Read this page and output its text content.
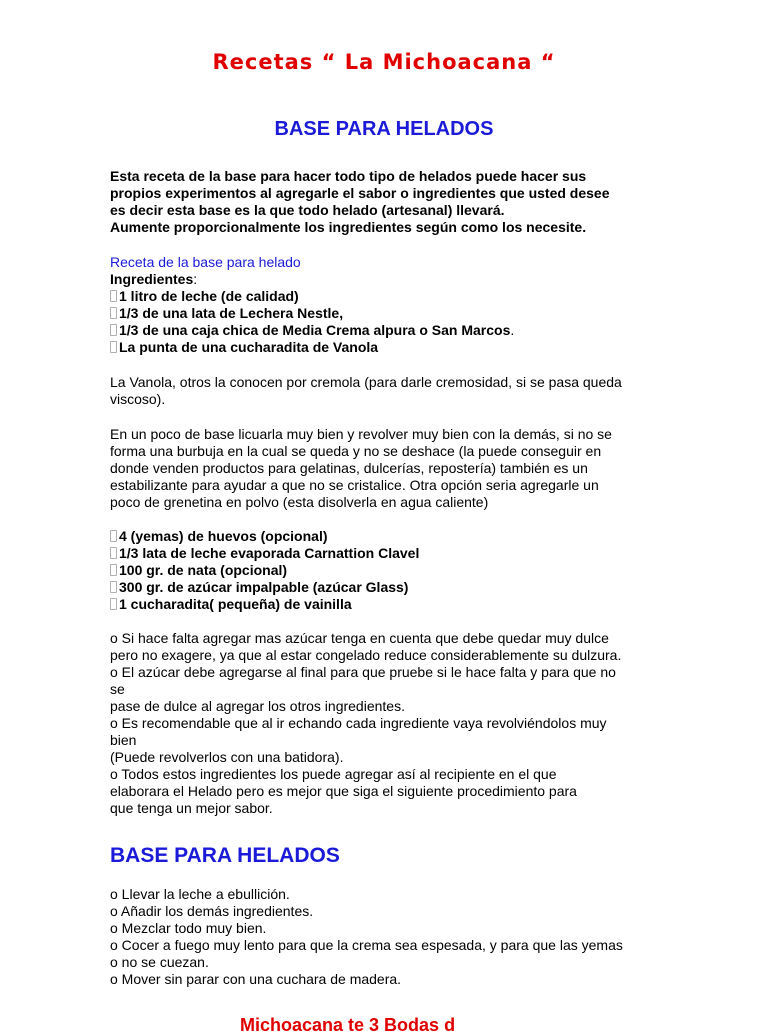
Recetas “ La Michoacana “
BASE PARA HELADOS
Esta receta de la base para hacer todo tipo de helados puede hacer sus
propios experimentos al agregarle el sabor o ingredientes que usted desee
es decir esta base es la que todo helado (artesanal) llevará.
Aumente proporcionalmente los ingredientes según como los necesite.
Receta de la base para helado
Ingredientes:
1 litro de leche (de calidad)
1/3 de una lata de Lechera Nestle,
1/3 de una caja chica de Media Crema alpura o San Marcos.
La punta de una cucharadita de Vanola
La Vanola, otros la conocen por cremola (para darle cremosidad, si se pasa queda
viscoso).
En un poco de base licuarla muy bien y revolver muy bien con la demás, si no se
forma una burbuja en la cual se queda y no se deshace (la puede conseguir en
donde venden productos para gelatinas, dulcerías, repostería) también es un
estabilizante para ayudar a que no se cristalice. Otra opción seria agregarle un
poco de grenetina en polvo (esta disolverla en agua caliente)
4 (yemas) de huevos (opcional)
1/3 lata de leche evaporada Carnattion Clavel
100 gr. de nata (opcional)
300 gr. de azúcar impalpable (azúcar Glass)
1 cucharadita( pequeña) de vainilla
o Si hace falta agregar mas azúcar tenga en cuenta que debe quedar muy dulce
pero no exagere, ya que al estar congelado reduce considerablemente su dulzura.
o El azúcar debe agregarse al final para que pruebe si le hace falta y para que no
se
pase de dulce al agregar los otros ingredientes.
o Es recomendable que al ir echando cada ingrediente vaya revolviéndolos muy
bien
(Puede revolverlos con una batidora).
o Todos estos ingredientes los puede agregar así al recipiente en el que
elaborara el Helado pero es mejor que siga el siguiente procedimiento para
que tenga un mejor sabor.
BASE PARA HELADOS
o Llevar la leche a ebullición.
o Añadir los demás ingredientes.
o Mezclar todo muy bien.
o Cocer a fuego muy lento para que la crema sea espesada, y para que las yemas
o no se cuezan.
o Mover sin parar con una cuchara de madera.
Michoacana te 3 Bodas d
